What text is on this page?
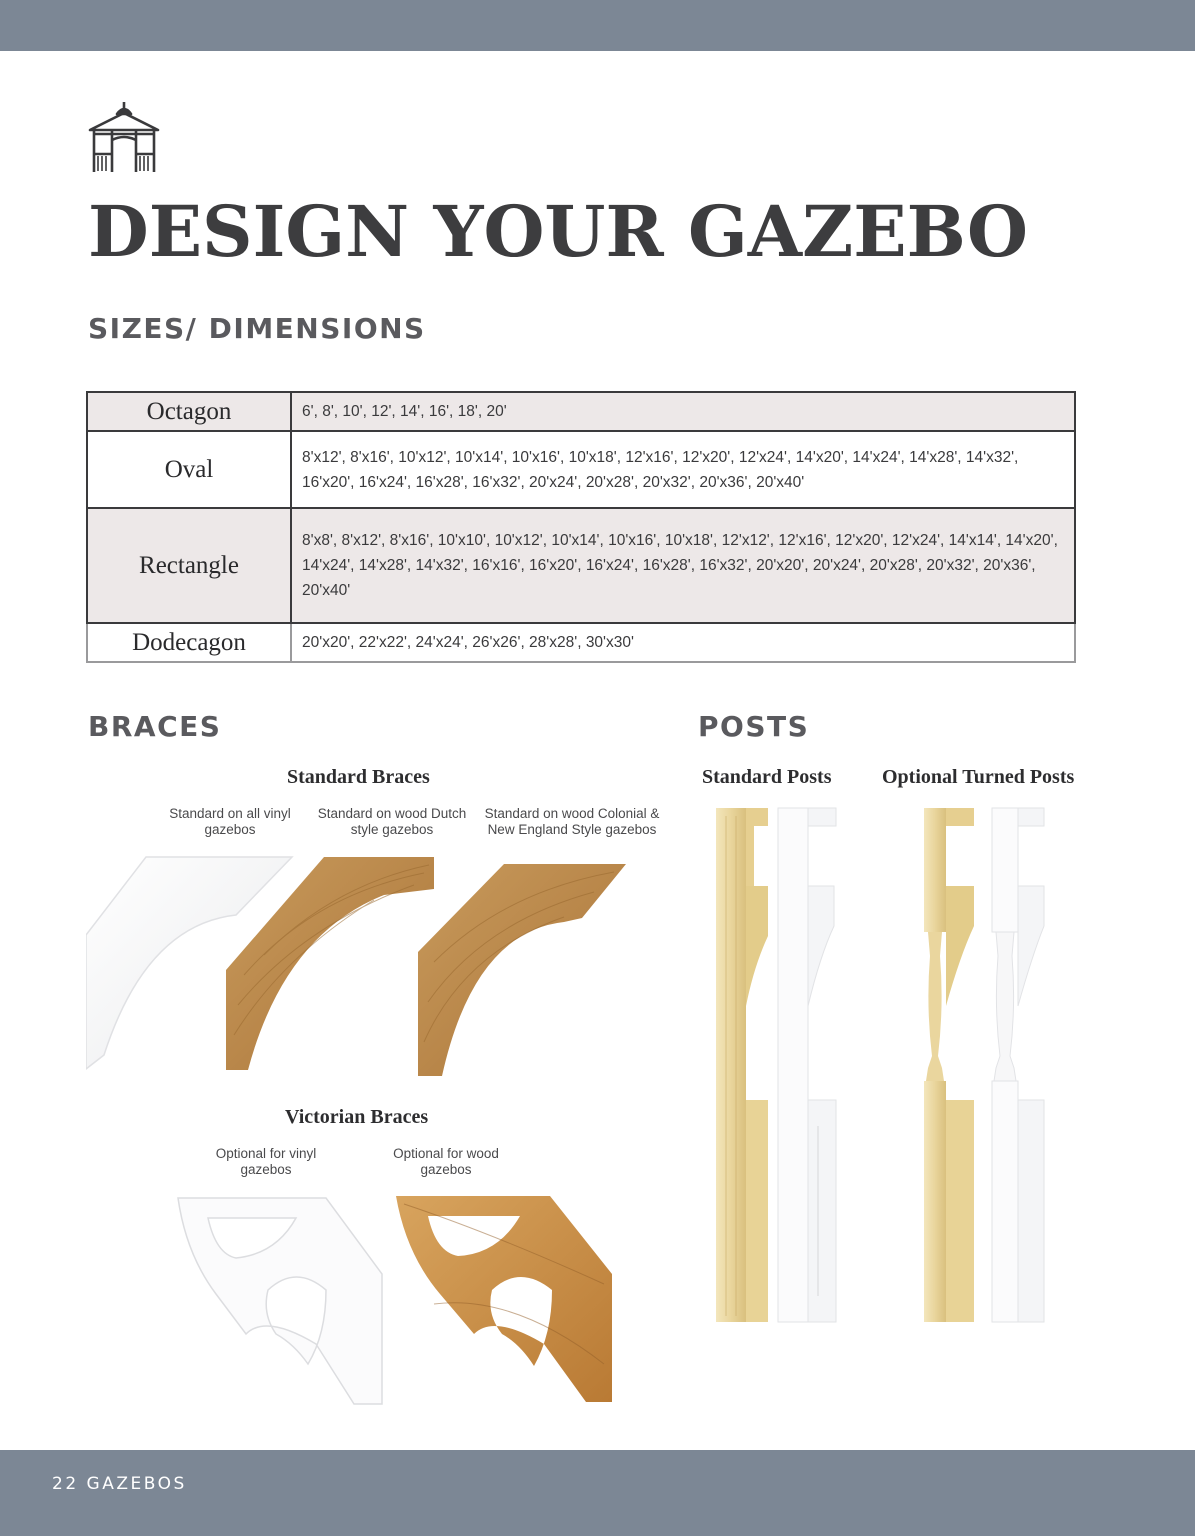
DESIGN YOUR GAZEBO
SIZES/ DIMENSIONS
Octagon	6', 8', 10', 12', 14', 16', 18', 20'
Oval	8'x12', 8'x16', 10'x12', 10'x14', 10'x16', 10'x18', 12'x16', 12'x20', 12'x24', 14'x20', 14'x24', 14'x28', 14'x32', 16'x20', 16'x24', 16'x28', 16'x32', 20'x24', 20'x28', 20'x32', 20'x36', 20'x40'
Rectangle	8'x8', 8'x12', 8'x16', 10'x10', 10'x12', 10'x14', 10'x16', 10'x18', 12'x12', 12'x16', 12'x20', 12'x24', 14'x14', 14'x20', 14'x24', 14'x28', 14'x32', 16'x16', 16'x20', 16'x24', 16'x28', 16'x32', 20'x20', 20'x24', 20'x28', 20'x32', 20'x36', 20'x40'
Dodecagon	20'x20', 22'x22', 24'x24', 26'x26', 28'x28', 30'x30'
BRACES
Standard Braces
Standard on all vinyl gazebos
Standard on wood Dutch style gazebos
Standard on wood Colonial & New England Style gazebos
Victorian Braces
Optional for vinyl gazebos
Optional for wood gazebos
POSTS
Standard Posts	Optional Turned Posts
22 GAZEBOS
